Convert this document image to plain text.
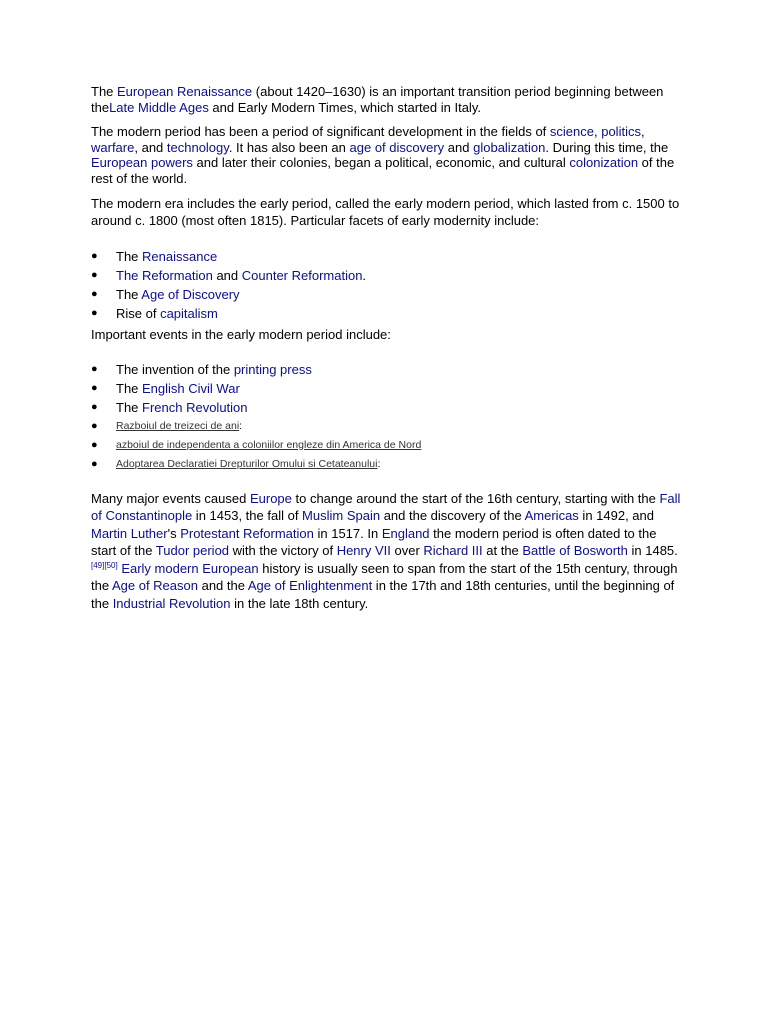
The European Renaissance (about 1420–1630) is an important transition period beginning between theLate Middle Ages and Early Modern Times, which started in Italy.

The modern period has been a period of significant development in the fields of science, politics, warfare, and technology. It has also been an age of discovery and globalization. During this time, the European powers and later their colonies, began a political, economic, and cultural colonization of the rest of the world.

The modern era includes the early period, called the early modern period, which lasted from c. 1500 to around c. 1800 (most often 1815). Particular facets of early modernity include:

● The Renaissance
● The Reformation and Counter Reformation.
● The Age of Discovery
● Rise of capitalism

Important events in the early modern period include:

● The invention of the printing press
● The English Civil War
● The French Revolution
● Razboiul de treizeci de ani:
● azboiul de independenta a coloniilor engleze din America de Nord
● Adoptarea Declaratiei Drepturilor Omului si Cetateanului:

Many major events caused Europe to change around the start of the 16th century, starting with the Fall of Constantinople in 1453, the fall of Muslim Spain and the discovery of the Americas in 1492, and Martin Luther's Protestant Reformation in 1517. In England the modern period is often dated to the start of the Tudor period with the victory of Henry VII over Richard III at the Battle of Bosworth in 1485.[49][50] Early modern European history is usually seen to span from the start of the 15th century, through the Age of Reason and the Age of Enlightenment in the 17th and 18th centuries, until the beginning of the Industrial Revolution in the late 18th century.
